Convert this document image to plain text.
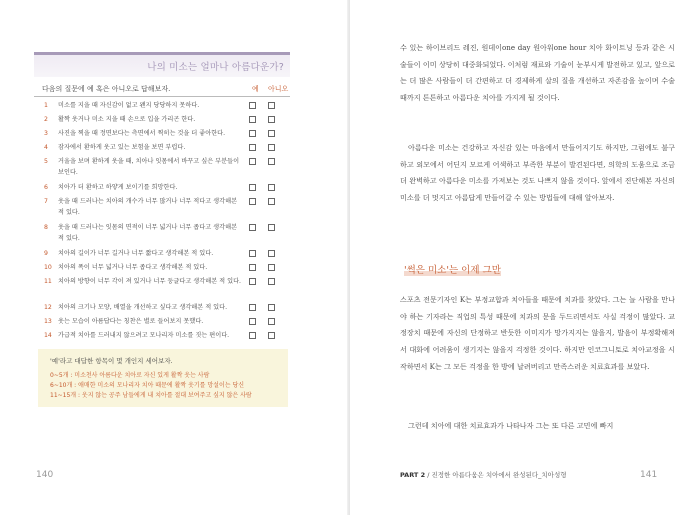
나의 미소는 얼마나 아름다운가?
다음의 질문에 예 혹은 아니오로 답해보자.	예 아니오
1	미소를 지을 때 자신감이 없고 왠지 당당하지 못하다.
2	활짝 웃거나 미소 지을 때 손으로 입을 가리곤 한다.
3	사진을 찍을 때 정면보다는 측면에서 찍히는 것을 더 좋아한다.
4	잠자에서 환하게 웃고 있는 보험을 보면 부럽다.
5	거울을 보며 환하게 웃을 때, 치아나 잇몸에서 바꾸고 싶은 부분들이 보인다.
6	치아가 더 환하고 하얗게 보이기를 희망한다.
7	웃을 때 드러나는 치아의 개수가 너무 많거나 너무 적다고 생각해본 적 있다.
8	웃을 때 드러나는 잇몸의 면적이 너무 넓거나 너무 좁다고 생각해본 적 있다.
9	치아의 길이가 너무 길거나 너무 짧다고 생각해본 적 있다.
10 치아의 폭이 너무 넓거나 너무 좁다고 생각해본 적 있다.
11 치아의 방향이 너무 각이 져 있거나 너무 둥글다고 생각해본 적 있다.
12 치아의 크기나 모양, 배열을 개선하고 싶다고 생각해본 적 있다.
13 웃는 모습이 아름답다는 칭찬은 별로 들어보지 못했다.
14 가급적 치아를 드러내지 않으려고 모나리자 미소를 짓는 편이다.
'예'라고 대답한 항목이 몇 개인지 세어보자.
0~5개 : 미소천사 아름다운 치아로 자신 있게 활짝 웃는 사람
6~10개 : 애매한 미소의 모나리자 치아 때문에 활짝 웃기를 망설이는 당신
11~15개 : 웃지 않는 공주 남들에게 내 치아를 절대 보여주고 싶지 않은 사람
140

수 있는 하이브리드 레진, 원데이one day 원아워one hour 치아 화이트닝 등과 같은 시술들이 이미 상당히 대중화되었다. 이처럼 재료와 기술이 눈부시게 발전하고 있고, 앞으로는 더 많은 사람들이 더 간편하고 더 경제하게 살의 질을 개선하고 자존감을 높이며 수술 때까지 튼튼하고 아름다운 치아를 가지게 될 것이다.

아름다운 미소는 건강하고 자신감 있는 마음에서 만들어지기도 하지만, 그럼에도 불구하고 외모에서 어딘지 모르게 어색하고 부족한 부분이 발견된다면, 의학의 도움으로 조금 더 완벽하고 아름다운 미소를 가져보는 것도 나쁘지 않을 것이다. 앞에서 진단해본 자신의 미소를 더 멋지고 아름답게 만들어갈 수 있는 방법들에 대해 알아보자.

'썩은 미소'는 이제 그만

스포츠 전문기자인 K는 부정교합과 치아들을 때문에 치과를 찾았다. 그는 늘 사람을 만나야 하는 기자라는 직업의 특성 때문에 치과의 문을 두드리면서도 사실 걱정이 많았다. 교정장치 때문에 자신의 단정하고 반듯한 이미지가 망가지지는 않을지, 발음이 부정확해져서 대화에 어려움이 생기지는 않을지 걱정한 것이다. 하지만 인코그니토로 치아교정을 시작하면서 K는 그 모든 걱정을 한 방에 날려버리고 만족스러운 치료효과를 보았다.

그런데 치아에 대한 치료효과가 나타나자 그는 또 다른 고민에 빠지

PART 2 / 진정한 아름다움은 치아에서 완성된다_치아성형	141
